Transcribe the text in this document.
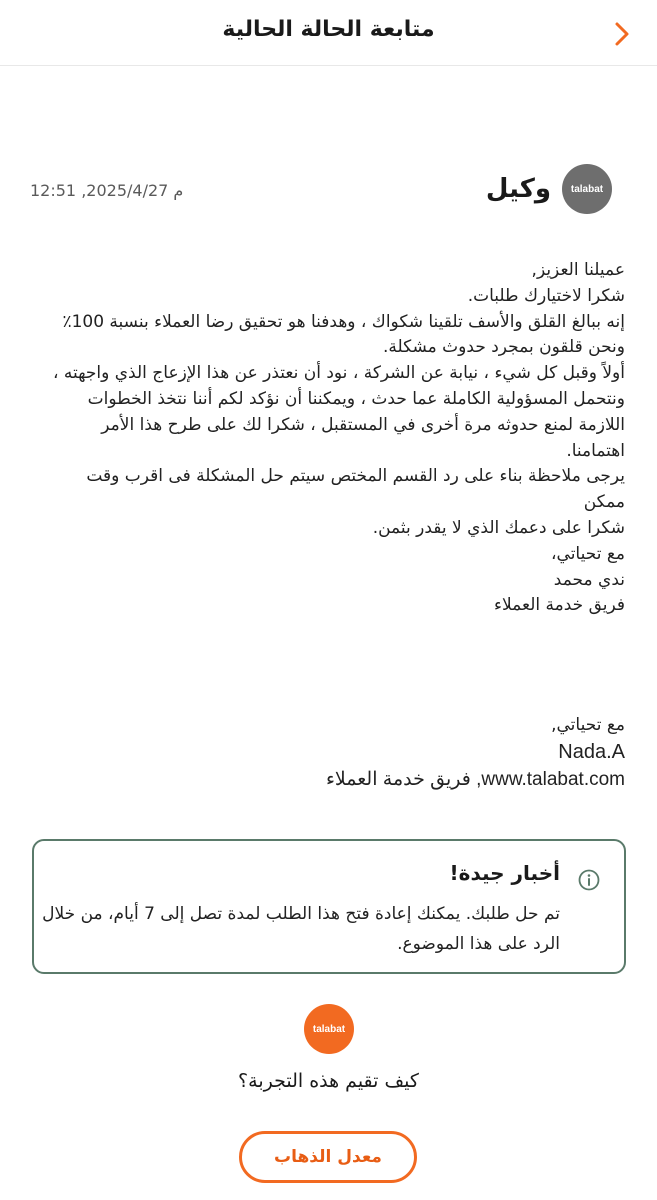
متابعة الحالة الحالية
talabat
وكيل
12:51 ,2025/4/27 م

عميلنا العزيز,

شكرا لاختيارك طلبات.

إنه ببالغ القلق والأسف تلقينا شكواك ، وهدفنا هو تحقيق رضا العملاء بنسبة 100٪ ونحن قلقون بمجرد حدوث مشكلة.

أولاً وقبل كل شيء ، نيابة عن الشركة ، نود أن نعتذر عن هذا الإزعاج الذي واجهته ، ونتحمل المسؤولية الكاملة عما حدث ، ويمكننا أن نؤكد لكم أننا نتخذ الخطوات اللازمة لمنع حدوثه مرة أخرى في المستقبل ، شكرا لك على طرح هذا الأمر اهتمامنا.

يرجى ملاحظة بناء على رد القسم المختص سيتم حل المشكلة فى اقرب وقت ممكن

شكرا على دعمك الذي لا يقدر بثمن.

مع تحياتي،

ندي محمد

فريق خدمة العملاء

مع تحياتي,
Nada.A
www.talabat.com, فريق خدمة العملاء
أخبار جيدة!
تم حل طلبك. يمكنك إعادة فتح هذا الطلب لمدة تصل إلى 7 أيام، من خلال الرد على هذا الموضوع.
talabat
كيف تقيم هذه التجربة؟
معدل الذهاب
